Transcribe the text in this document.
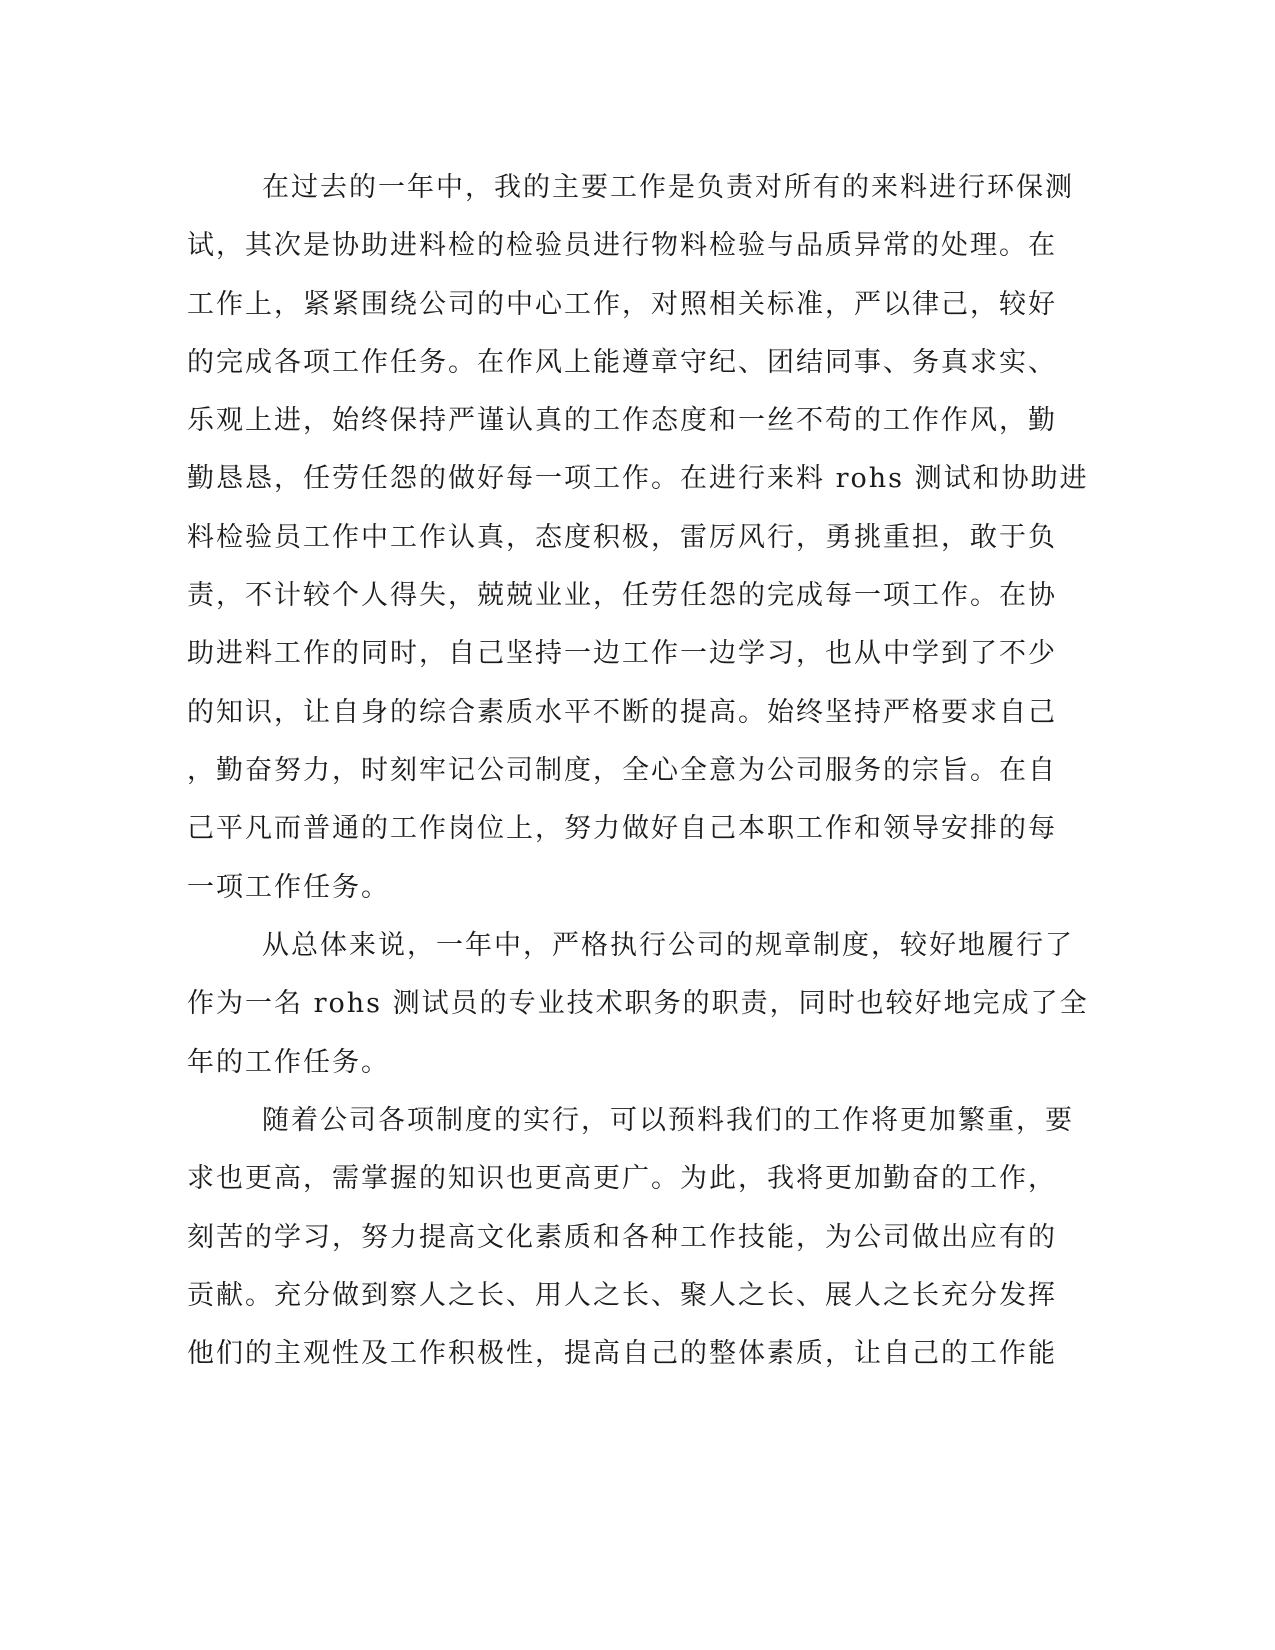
在过去的一年中，我的主要工作是负责对所有的来料进行环保测

试，其次是协助进料检的检验员进行物料检验与品质异常的处理。在

工作上，紧紧围绕公司的中心工作，对照相关标准，严以律己，较好

的完成各项工作任务。在作风上能遵章守纪、团结同事、务真求实、

乐观上进，始终保持严谨认真的工作态度和一丝不苟的工作作风，勤

勤恳恳，任劳任怨的做好每一项工作。在进行来料 rohs 测试和协助进

料检验员工作中工作认真，态度积极，雷厉风行，勇挑重担，敢于负

责，不计较个人得失，兢兢业业，任劳任怨的完成每一项工作。在协

助进料工作的同时，自己坚持一边工作一边学习，也从中学到了不少

的知识，让自身的综合素质水平不断的提高。始终坚持严格要求自己

，勤奋努力，时刻牢记公司制度，全心全意为公司服务的宗旨。在自

己平凡而普通的工作岗位上，努力做好自己本职工作和领导安排的每

一项工作任务。

从总体来说，一年中，严格执行公司的规章制度，较好地履行了

作为一名 rohs 测试员的专业技术职务的职责，同时也较好地完成了全

年的工作任务。

随着公司各项制度的实行，可以预料我们的工作将更加繁重，要

求也更高，需掌握的知识也更高更广。为此，我将更加勤奋的工作，

刻苦的学习，努力提高文化素质和各种工作技能，为公司做出应有的

贡献。充分做到察人之长、用人之长、聚人之长、展人之长充分发挥

他们的主观性及工作积极性，提高自己的整体素质，让自己的工作能
